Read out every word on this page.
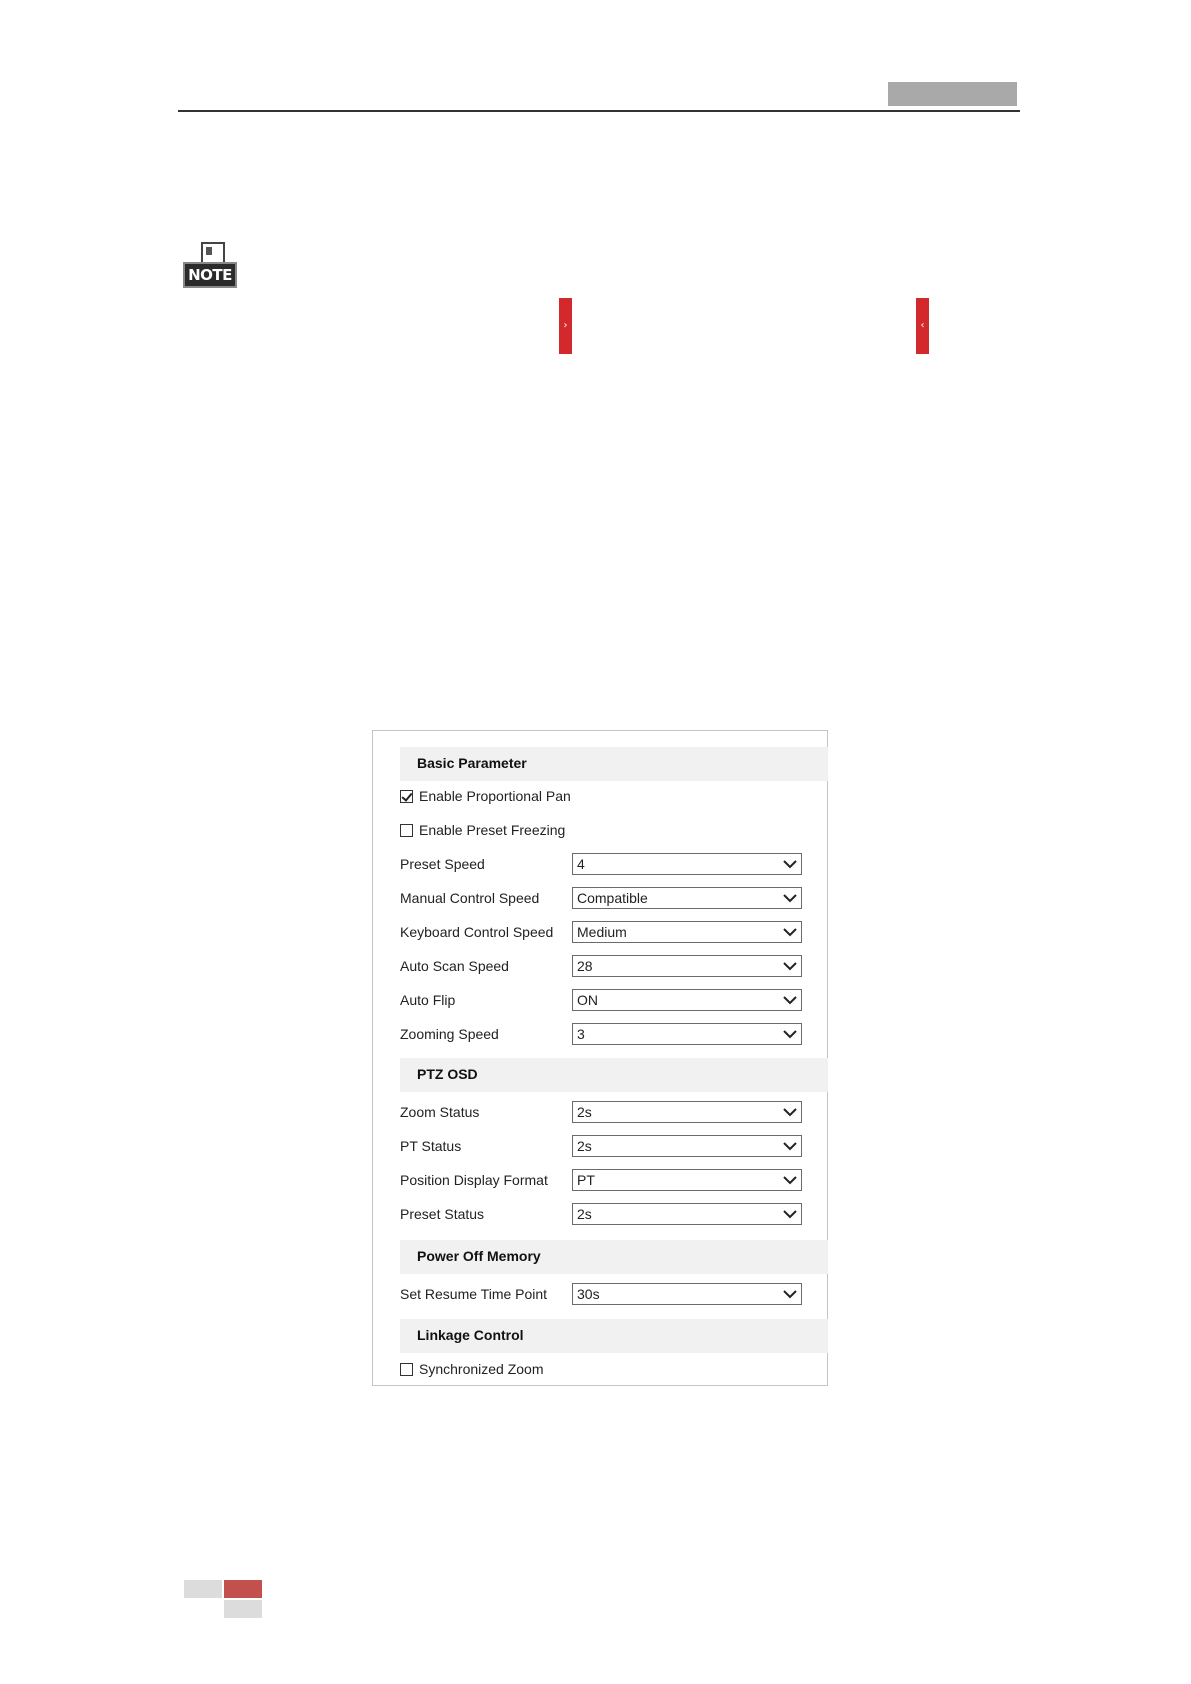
NOTE
›	‹
Basic Parameter
Enable Proportional Pan
Enable Preset Freezing
Preset Speed	4
Manual Control Speed	Compatible
Keyboard Control Speed Medium
Auto Scan Speed	28
Auto Flip	ON
Zooming Speed	3
PTZ OSD
Zoom Status	2s
PT Status	2s
Position Display Format PT
Preset Status	2s
Power Off Memory
Set Resume Time Point 30s
Linkage Control
Synchronized Zoom
